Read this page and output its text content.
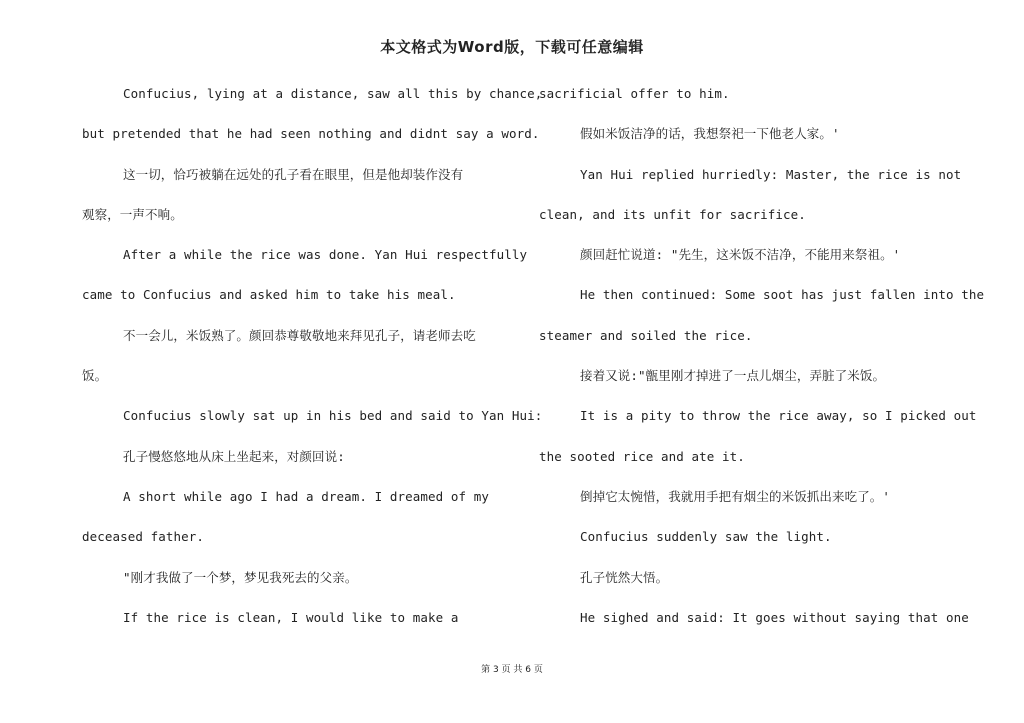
本文格式为Word版，下载可任意编辑
Confucius, lying at a distance, saw all this by chance,
but pretended that he had seen nothing and didnt say a word.
这一切，恰巧被躺在远处的孔子看在眼里，但是他却装作没有
观察，一声不响。
After a while the rice was done. Yan Hui respectfully
came to Confucius and asked him to take his meal.
不一会儿，米饭熟了。颜回恭尊敬敬地来拜见孔子，请老师去吃
饭。
Confucius slowly sat up in his bed and said to Yan Hui:
孔子慢悠悠地从床上坐起来，对颜回说:
A short while ago I had a dream. I dreamed of my
deceased father.
"刚才我做了一个梦，梦见我死去的父亲。
If the rice is clean, I would like to make a
sacrificial offer to him.
假如米饭洁净的话，我想祭祀一下他老人家。'
Yan Hui replied hurriedly: Master, the rice is not
clean, and its unfit for sacrifice.
颜回赶忙说道: "先生，这米饭不洁净，不能用来祭祖。'
He then continued: Some soot has just fallen into the
steamer and soiled the rice.
接着又说:"甑里刚才掉进了一点儿烟尘，弄脏了米饭。
It is a pity to throw the rice away, so I picked out
the sooted rice and ate it.
倒掉它太惋惜，我就用手把有烟尘的米饭抓出来吃了。'
Confucius suddenly saw the light.
孔子恍然大悟。
He sighed and said: It goes without saying that one
第 3 页 共 6 页
